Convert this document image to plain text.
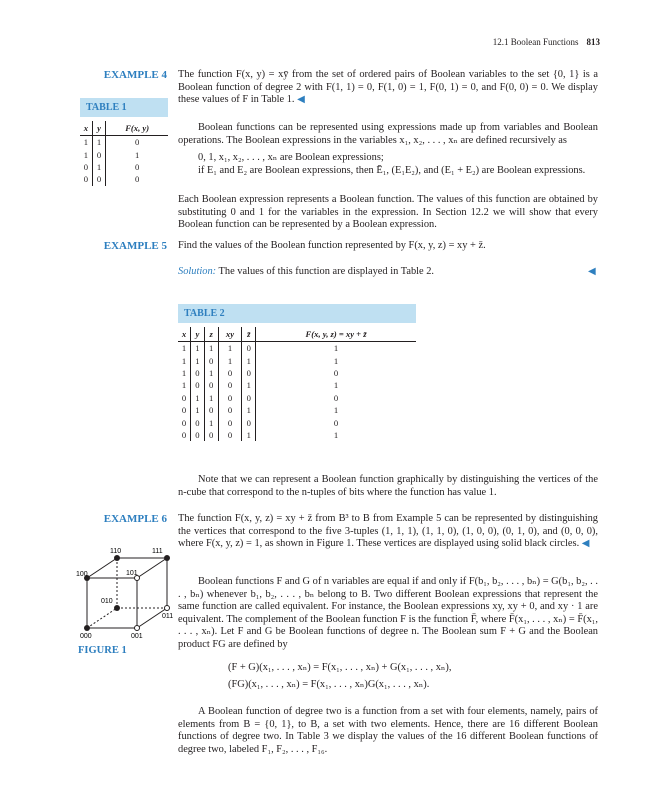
12.1 Boolean Functions 813
EXAMPLE 4 The function F(x, y) = xȳ from the set of ordered pairs of Boolean variables to the set {0, 1} is a Boolean function of degree 2 with F(1, 1) = 0, F(1, 0) = 1, F(0, 1) = 0, and F(0, 0) = 0. We display these values of F in Table 1. ◀
TABLE 1
x	y	F(x, y)
1	1	0
1	0	1
0	1	0
0	0	0
Boolean functions can be represented using expressions made up from variables and Boolean operations. The Boolean expressions in the variables x₁, x₂, . . . , xₙ are defined recursively as
0, 1, x₁, x₂, . . . , xₙ are Boolean expressions;
if E₁ and E₂ are Boolean expressions, then Ē₁, (E₁E₂), and (E₁ + E₂) are Boolean expressions.
Each Boolean expression represents a Boolean function. The values of this function are obtained by substituting 0 and 1 for the variables in the expression. In Section 12.2 we will show that every Boolean function can be represented by a Boolean expression.
EXAMPLE 5 Find the values of the Boolean function represented by F(x, y, z) = xy + z̄.
Solution: The values of this function are displayed in Table 2.	◀
TABLE 2
x	y	z	xy	z̄	F(x, y, z) = xy + z̄
1	1	1	1	0	1
1	1	0	1	1	1
1	0	1	0	0	0
1	0	0	0	1	1
0	1	1	0	0	0
0	1	0	0	1	1
0	0	1	0	0	0
0	0	0	0	1	1
Note that we can represent a Boolean function graphically by distinguishing the vertices of the n-cube that correspond to the n-tuples of bits where the function has value 1.
EXAMPLE 6 The function F(x, y, z) = xy + z̄ from B³ to B from Example 5 can be represented by distinguishing the vertices that correspond to the five 3-tuples (1, 1, 1), (1, 1, 0), (1, 0, 0), (0, 1, 0), and (0, 0, 0), where F(x, y, z) = 1, as shown in Figure 1. These vertices are displayed using solid black circles. ◀
110	111
100	101
010
011
000	001
FIGURE 1
Boolean functions F and G of n variables are equal if and only if F(b₁, b₂, . . . , bₙ) = G(b₁, b₂, . . . , bₙ) whenever b₁, b₂, . . . , bₙ belong to B. Two different Boolean expressions that represent the same function are called equivalent. For instance, the Boolean expressions xy, xy + 0, and xy · 1 are equivalent. The complement of the Boolean function F is the function F̄, where F̄(x₁, . . . , xₙ) = F̄(x₁, . . . , xₙ). Let F and G be Boolean functions of degree n. The Boolean sum F + G and the Boolean product FG are defined by
(F + G)(x₁, . . . , xₙ) = F(x₁, . . . , xₙ) + G(x₁, . . . , xₙ),
(FG)(x₁, . . . , xₙ) = F(x₁, . . . , xₙ)G(x₁, . . . , xₙ).
A Boolean function of degree two is a function from a set with four elements, namely, pairs of elements from B = {0, 1}, to B, a set with two elements. Hence, there are 16 different Boolean functions of degree two. In Table 3 we display the values of the 16 different Boolean functions of degree two, labeled F₁, F₂, . . . , F₁₆.
